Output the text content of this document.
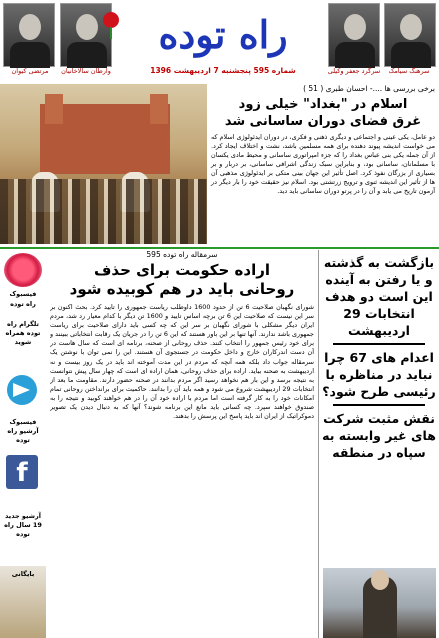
مرتضی کیوان	وارطان سالاخانیان
راه توده
شماره 595 پنجشنبه 7 اردیبهشت 1396	سرگرد جعفر وکیلی	سرهنگ سیامک
برخی بررسی ها ....- احسان طبری ( 51 )
اسلام در "بغداد" خیلی زود
غرق فضای دوران ساسانی شد
دو عامل، یکی عینی و اجتماعی و دیگری ذهنی و فکری، در دوران ایدئولوژی اسلام که می خواست اندیشه پیوند دهنده برای همه مسلمین باشد، نشت و اختلاف ایجاد کرد. از آن جمله یکی بنی عباس بغداد را که جزء امپراتوری ساسانی و محیط مادی یکسان با مسلمانان، ساسانی بود، و بنابراین سبک زندگی اشرافی ساسانی، بر دربار و بر بسیاری از بزرگان نفوذ کرد. اصل تأثیر این جهان بینی متکی بر ایدئولوژی مذهبی آن ها از تأثیر این اندیشه ثنوی و ترویج زرتشتی بود. اسلام نیز حقیقت خود را بار دیگر در آزمون تاریخ می یابد و آن را در پرتو دوران ساسانی باید دید.
فیسبوک
راه توده
تلگرام راه توده همراه شوید
فیسبوک آرشیو راه توده
f
آرشیو جدید 19 سال راه توده
بایگانی
سرمقاله راه توده 595
اراده حکومت برای حذف
روحانی باید در هم کوبیده شود
شورای نگهبان صلاحیت 6 تن از حدود 1600 داوطلب ریاست جمهوری را تایید کرد. بحث اکنون بر سر این نیست که صلاحیت این 6 تن برچه اساس تایید و 1600 تن دیگر با کدام معیار رد شد، مردم ایران دیگر مشکلی با شورای نگهبان بر سر این که چه کسی باید دارای صلاحیت برای ریاست جمهوری باشد ندارند. آنها تنها بر این باور هستند که این 6 تن را در جریان یک رقابت انتخاباتی ببینند و برای خود رئیس جمهور را انتخاب کنند. حذف روحانی از صحنه، برنامه ای است که سال هاست در آن دست اندرکاران خارج و داخل حکومت در جستجوی آن هستند. این را نمی توان با نوشتن یک سرمقاله جواب داد بلکه همه آنچه که مردم در این مدت آموخته اند باید در یک روز بیست و نه اردیبهشت به صحنه بیاید. اراده برای حذف روحانی، همان اراده ای است که چهار سال پیش نتوانست به نتیجه برسد و این بار هم نخواهد رسید اگر مردم بدانند در صحنه حضور دارند. مقاومت ما بعد از انتخابات 29 اردیبهشت شروع می شود و همه باید آن را بدانند. حاکمیت برای برانداختن روحانی تمام امکانات خود را به کار گرفته است اما مردم با اراده خود آن را در هم خواهند کوبید و نتیجه را به صندوق خواهند سپرد. چه کسانی باید مانع این برنامه شوند؟ آنها که به دنبال دیدن یک تصویر دموکراتیک از ایران اند باید پاسخ این پرسش را بدهند.
بازگشت به گذشته و یا رفتن به آینده این است دو هدف انتخابات 29 اردیبهشت
اعدام های 67 چرا نباید در مناظره با رئیسی طرح شود؟
نقش مثبت شرکت های غیر وابسته به سپاه در منطقه
